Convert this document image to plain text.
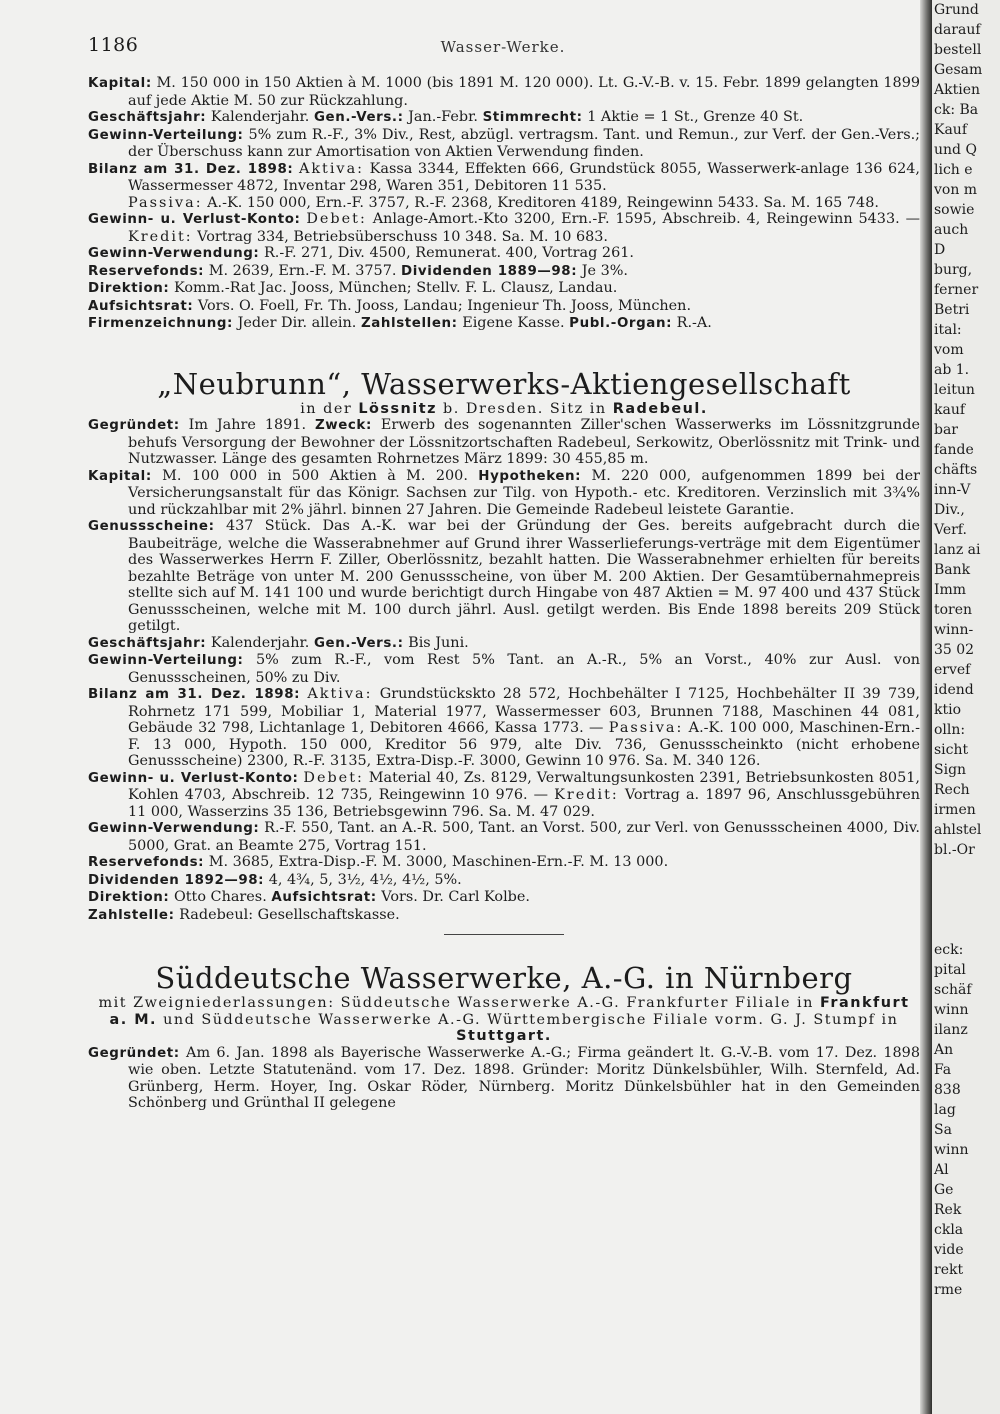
1186	Wasser-Werke.

Kapital: M. 150 000 in 150 Aktien à M. 1000 (bis 1891 M. 120 000). Lt. G.-V.-B. v. 15. Febr. 1899 gelangten 1899 auf jede Aktie M. 50 zur Rückzahlung.

Geschäftsjahr: Kalenderjahr. Gen.-Vers.: Jan.-Febr. Stimmrecht: 1 Aktie = 1 St., Grenze 40 St.

Gewinn-Verteilung: 5% zum R.-F., 3% Div., Rest, abzügl. vertragsm. Tant. und Remun., zur Verf. der Gen.-Vers.; der Überschuss kann zur Amortisation von Aktien Verwendung finden.

Bilanz am 31. Dez. 1898: Aktiva: Kassa 3344, Effekten 666, Grundstück 8055, Wasserwerk-anlage 136 624, Wassermesser 4872, Inventar 298, Waren 351, Debitoren 11 535.
Passiva: A.-K. 150 000, Ern.-F. 3757, R.-F. 2368, Kreditoren 4189, Reingewinn 5433. Sa. M. 165 748.

Gewinn- u. Verlust-Konto: Debet: Anlage-Amort.-Kto 3200, Ern.-F. 1595, Abschreib. 4, Reingewinn 5433. — Kredit: Vortrag 334, Betriebsüberschuss 10 348. Sa. M. 10 683.

Gewinn-Verwendung: R.-F. 271, Div. 4500, Remunerat. 400, Vortrag 261.

Reservefonds: M. 2639, Ern.-F. M. 3757. Dividenden 1889—98: Je 3%.

Direktion: Komm.-Rat Jac. Jooss, München; Stellv. F. L. Clausz, Landau.

Aufsichtsrat: Vors. O. Foell, Fr. Th. Jooss, Landau; Ingenieur Th. Jooss, München.

Firmenzeichnung: Jeder Dir. allein. Zahlstellen: Eigene Kasse. Publ.-Organ: R.-A.

„Neubrunn“, Wasserwerks-Aktiengesellschaft

in der Lössnitz b. Dresden. Sitz in Radebeul.

Gegründet: Im Jahre 1891. Zweck: Erwerb des sogenannten Ziller'schen Wasserwerks im Lössnitzgrunde behufs Versorgung der Bewohner der Lössnitzortschaften Radebeul, Serkowitz, Oberlössnitz mit Trink- und Nutzwasser. Länge des gesamten Rohrnetzes März 1899: 30 455,85 m.

Kapital: M. 100 000 in 500 Aktien à M. 200. Hypotheken: M. 220 000, aufgenommen 1899 bei der Versicherungsanstalt für das Königr. Sachsen zur Tilg. von Hypoth.- etc. Kreditoren. Verzinslich mit 3¾% und rückzahlbar mit 2% jährl. binnen 27 Jahren. Die Gemeinde Radebeul leistete Garantie.

Genussscheine: 437 Stück. Das A.-K. war bei der Gründung der Ges. bereits aufgebracht durch die Baubeiträge, welche die Wasserabnehmer auf Grund ihrer Wasserlieferungs-verträge mit dem Eigentümer des Wasserwerkes Herrn F. Ziller, Oberlössnitz, bezahlt hatten. Die Wasserabnehmer erhielten für bereits bezahlte Beträge von unter M. 200 Genussscheine, von über M. 200 Aktien. Der Gesamtübernahmepreis stellte sich auf M. 141 100 und wurde berichtigt durch Hingabe von 487 Aktien = M. 97 400 und 437 Stück Genussscheinen, welche mit M. 100 durch jährl. Ausl. getilgt werden. Bis Ende 1898 bereits 209 Stück getilgt.

Geschäftsjahr: Kalenderjahr. Gen.-Vers.: Bis Juni.

Gewinn-Verteilung: 5% zum R.-F., vom Rest 5% Tant. an A.-R., 5% an Vorst., 40% zur Ausl. von Genussscheinen, 50% zu Div.

Bilanz am 31. Dez. 1898: Aktiva: Grundstückskto 28 572, Hochbehälter I 7125, Hochbehälter II 39 739, Rohrnetz 171 599, Mobiliar 1, Material 1977, Wassermesser 603, Brunnen 7188, Maschinen 44 081, Gebäude 32 798, Lichtanlage 1, Debitoren 4666, Kassa 1773. — Passiva: A.-K. 100 000, Maschinen-Ern.-F. 13 000, Hypoth. 150 000, Kreditor 56 979, alte Div. 736, Genussscheinkto (nicht erhobene Genussscheine) 2300, R.-F. 3135, Extra-Disp.-F. 3000, Gewinn 10 976. Sa. M. 340 126.

Gewinn- u. Verlust-Konto: Debet: Material 40, Zs. 8129, Verwaltungsunkosten 2391, Betriebsunkosten 8051, Kohlen 4703, Abschreib. 12 735, Reingewinn 10 976. — Kredit: Vortrag a. 1897 96, Anschlussgebühren 11 000, Wasserzins 35 136, Betriebsgewinn 796. Sa. M. 47 029.

Gewinn-Verwendung: R.-F. 550, Tant. an A.-R. 500, Tant. an Vorst. 500, zur Verl. von Genussscheinen 4000, Div. 5000, Grat. an Beamte 275, Vortrag 151.

Reservefonds: M. 3685, Extra-Disp.-F. M. 3000, Maschinen-Ern.-F. M. 13 000.

Dividenden 1892—98: 4, 4¾, 5, 3½, 4½, 4½, 5%.

Direktion: Otto Chares. Aufsichtsrat: Vors. Dr. Carl Kolbe.

Zahlstelle: Radebeul: Gesellschaftskasse.

Süddeutsche Wasserwerke, A.-G. in Nürnberg

mit Zweigniederlassungen: Süddeutsche Wasserwerke A.-G. Frankfurter Filiale in Frankfurt a. M. und Süddeutsche Wasserwerke A.-G. Württembergische Filiale vorm. G. J. Stumpf in Stuttgart.

Gegründet: Am 6. Jan. 1898 als Bayerische Wasserwerke A.-G.; Firma geändert lt. G.-V.-B. vom 17. Dez. 1898 wie oben. Letzte Statutenänd. vom 17. Dez. 1898. Gründer: Moritz Dünkelsbühler, Wilh. Sternfeld, Ad. Grünberg, Herm. Hoyer, Ing. Oskar Röder, Nürnberg. Moritz Dünkelsbühler hat in den Gemeinden Schönberg und Grünthal II gelegene

Grund
darauf
bestell
Gesam
Aktien
ck: Ba
Kauf
und Q
lich e
von m
sowie
auch
D
burg,
ferner
Betri
ital:
vom
ab 1.
leitun
kauf
bar
fande
chäfts
inn-V
Div.,
Verf.
lanz ai
Bank
Imm
toren
winn-
35 02
ervef
idend
ktio
olln:
sicht
Sign
Rech
irmen
ahlstel
bl.-Or

eck:
pital
schäf
winn
ilanz
An
Fa
838
lag
Sa
winn
Al
Ge
Rek
ckla
vide
rekt
rme
